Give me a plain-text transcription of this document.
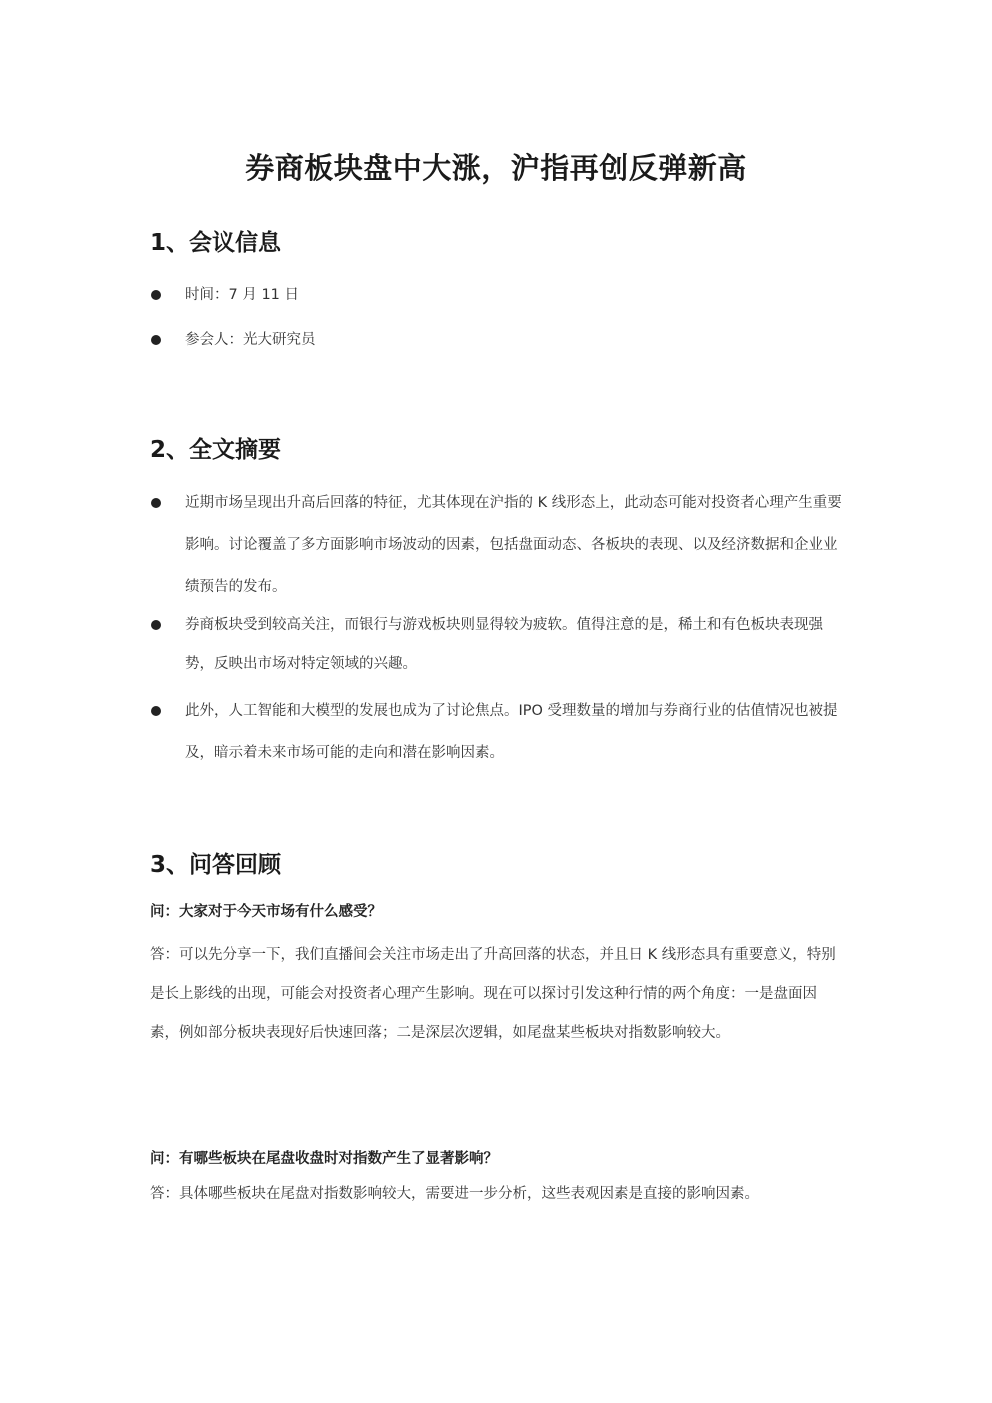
券商板块盘中大涨，沪指再创反弹新高
1、会议信息
时间：7 月 11 日
参会人：光大研究员
2、全文摘要
近期市场呈现出升高后回落的特征，尤其体现在沪指的 K 线形态上，此动态可能对投资者心理产生重要影响。讨论覆盖了多方面影响市场波动的因素，包括盘面动态、各板块的表现、以及经济数据和企业业绩预告的发布。
券商板块受到较高关注，而银行与游戏板块则显得较为疲软。值得注意的是，稀土和有色板块表现强势，反映出市场对特定领域的兴趣。
此外，人工智能和大模型的发展也成为了讨论焦点。IPO 受理数量的增加与券商行业的估值情况也被提及，暗示着未来市场可能的走向和潜在影响因素。
3、问答回顾
问：大家对于今天市场有什么感受？
答：可以先分享一下，我们直播间会关注市场走出了升高回落的状态，并且日 K 线形态具有重要意义，特别是长上影线的出现，可能会对投资者心理产生影响。现在可以探讨引发这种行情的两个角度：一是盘面因素，例如部分板块表现好后快速回落；二是深层次逻辑，如尾盘某些板块对指数影响较大。
问：有哪些板块在尾盘收盘时对指数产生了显著影响？
答：具体哪些板块在尾盘对指数影响较大，需要进一步分析，这些表观因素是直接的影响因素。
